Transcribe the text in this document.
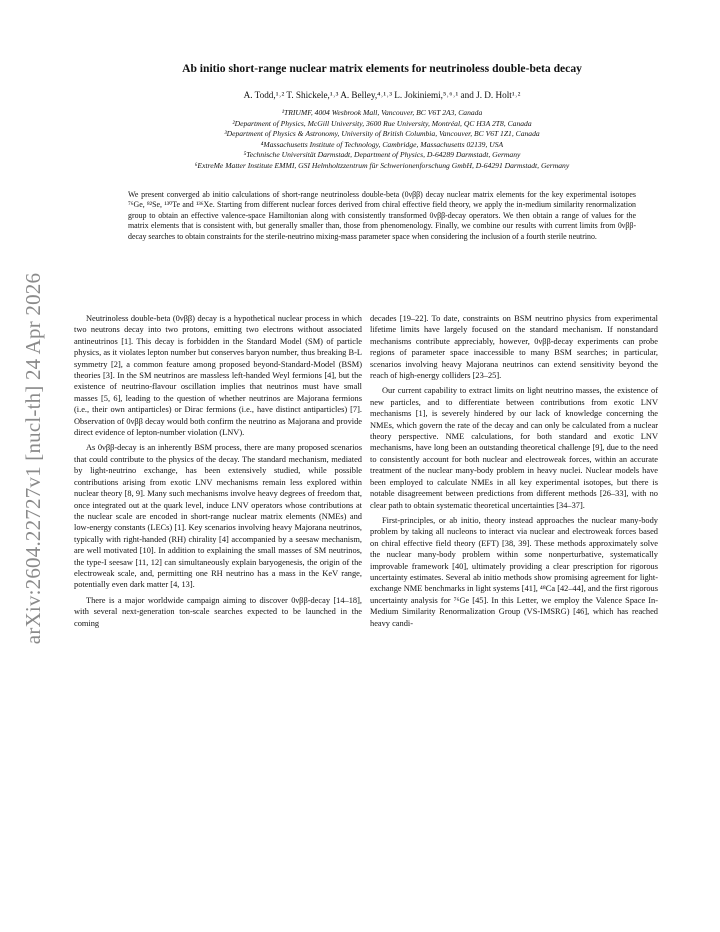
arXiv:2604.22727v1 [nucl-th] 24 Apr 2026
Ab initio short-range nuclear matrix elements for neutrinoless double-beta decay
A. Todd,¹˒² T. Shickele,¹˒³ A. Belley,⁴˒¹˒³ L. Jokiniemi,⁵˒⁶˒¹ and J. D. Holt¹˒²
¹TRIUMF, 4004 Wesbrook Mall, Vancouver, BC V6T 2A3, Canada
²Department of Physics, McGill University, 3600 Rue University, Montréal, QC H3A 2T8, Canada
³Department of Physics & Astronomy, University of British Columbia, Vancouver, BC V6T 1Z1, Canada
⁴Massachusetts Institute of Technology, Cambridge, Massachusetts 02139, USA
⁵Technische Universität Darmstadt, Department of Physics, D-64289 Darmstadt, Germany
⁶ExtreMe Matter Institute EMMI, GSI Helmholtzzentrum für Schwerionenforschung GmbH, D-64291 Darmstadt, Germany
We present converged ab initio calculations of short-range neutrinoless double-beta (0νββ) decay nuclear matrix elements for the key experimental isotopes ⁷⁶Ge, ⁸²Se, ¹³⁰Te and ¹³⁶Xe. Starting from different nuclear forces derived from chiral effective field theory, we apply the in-medium similarity renormalization group to obtain an effective valence-space Hamiltonian along with consistently transformed 0νββ-decay operators. We then obtain a range of values for the matrix elements that is consistent with, but generally smaller than, those from phenomenology. Finally, we combine our results with current limits from 0νββ-decay searches to obtain constraints for the sterile-neutrino mixing-mass parameter space when considering the inclusion of a fourth sterile neutrino.

Neutrinoless double-beta (0νββ) decay is a hypothetical nuclear process in which two neutrons decay into two protons, emitting two electrons without associated antineutrinos [1]. This decay is forbidden in the Standard Model (SM) of particle physics, as it violates lepton number but conserves baryon number, thus breaking B-L symmetry [2], a common feature among proposed beyond-Standard-Model (BSM) theories [3]. In the SM neutrinos are massless left-handed Weyl fermions [4], but the existence of neutrino-flavour oscillation implies that neutrinos must have small masses [5, 6], leading to the question of whether neutrinos are Majorana fermions (i.e., their own antiparticles) or Dirac fermions (i.e., have distinct antiparticles) [7]. Observation of 0νββ decay would both confirm the neutrino as Majorana and provide direct evidence of lepton-number violation (LNV).

As 0νββ-decay is an inherently BSM process, there are many proposed scenarios that could contribute to the physics of the decay. The standard mechanism, mediated by light-neutrino exchange, has been extensively studied, while possible contributions arising from exotic LNV mechanisms remain less explored within nuclear theory [8, 9]. Many such mechanisms involve heavy degrees of freedom that, once integrated out at the quark level, induce LNV operators whose contributions at the nuclear scale are encoded in short-range nuclear matrix elements (NMEs) and low-energy constants (LECs) [1]. Key scenarios involving heavy Majorana neutrinos, typically with right-handed (RH) chirality [4] accompanied by a seesaw mechanism, are well motivated [10]. In addition to explaining the small masses of SM neutrinos, the type-I seesaw [11, 12] can simultaneously explain baryogenesis, the origin of the electroweak scale, and, permitting one RH neutrino has a mass in the KeV range, potentially even dark matter [4, 13].

There is a major worldwide campaign aiming to discover 0νββ-decay [14–18], with several next-generation ton-scale searches expected to be launched in the coming

decades [19–22]. To date, constraints on BSM neutrino physics from experimental lifetime limits have largely focused on the standard mechanism. If nonstandard mechanisms contribute appreciably, however, 0νββ-decay experiments can probe regions of parameter space inaccessible to many BSM searches; in particular, scenarios involving heavy Majorana neutrinos can extend sensitivity beyond the reach of high-energy colliders [23–25].

Our current capability to extract limits on light neutrino masses, the existence of new particles, and to differentiate between contributions from exotic LNV mechanisms [1], is severely hindered by our lack of knowledge concerning the NMEs, which govern the rate of the decay and can only be calculated from a nuclear theory perspective. NME calculations, for both standard and exotic LNV mechanisms, have long been an outstanding theoretical challenge [9], due to the need to consistently account for both nuclear and electroweak forces, within an accurate treatment of the nuclear many-body problem in heavy nuclei. Nuclear models have been employed to calculate NMEs in all key experimental isotopes, but there is notable disagreement between predictions from different methods [26–33], with no clear path to obtain systematic theoretical uncertainties [34–37].

First-principles, or ab initio, theory instead approaches the nuclear many-body problem by taking all nucleons to interact via nuclear and electroweak forces based on chiral effective field theory (EFT) [38, 39]. These methods approximately solve the nuclear many-body problem within some nonperturbative, systematically improvable framework [40], ultimately providing a clear prescription for rigorous uncertainty estimates. Several ab initio methods show promising agreement for light-exchange NME benchmarks in light systems [41], ⁴⁸Ca [42–44], and the first rigorous uncertainty analysis for ⁷⁶Ge [45]. In this Letter, we employ the Valence Space In-Medium Similarity Renormalization Group (VS-IMSRG) [46], which has reached heavy candi-
